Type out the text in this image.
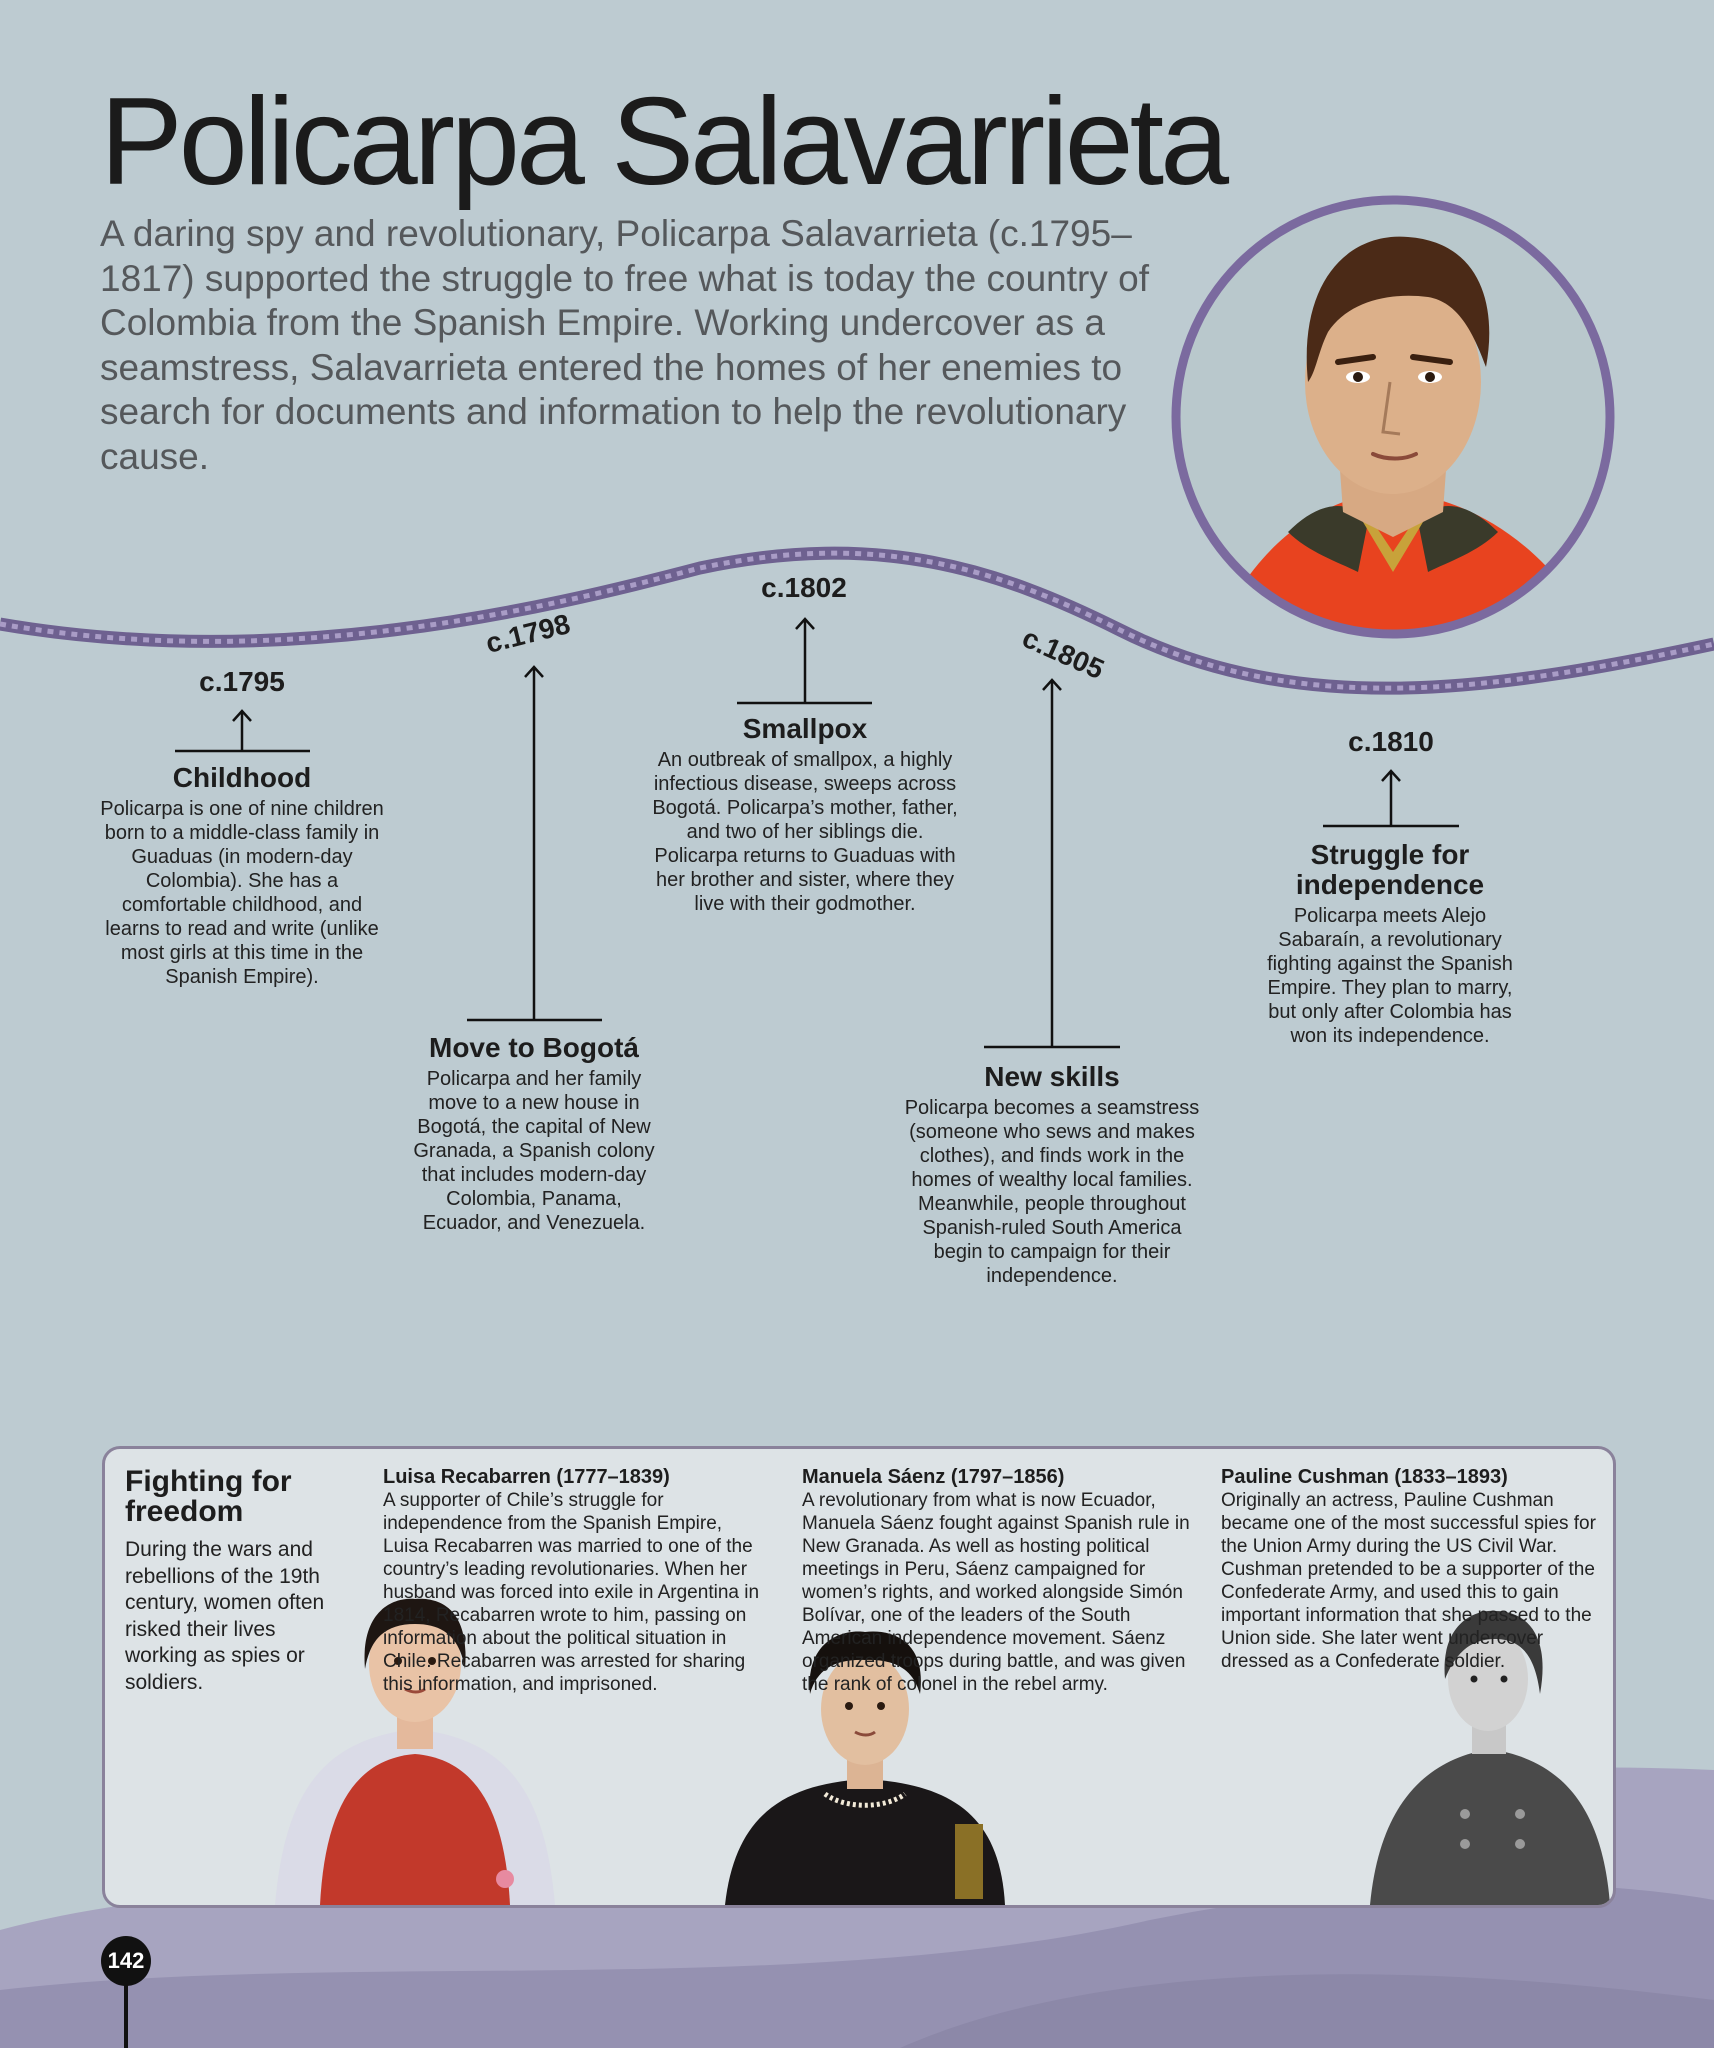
Policarpa Salavarrieta

A daring spy and revolutionary, Policarpa Salavarrieta (c.1795–1817) supported the struggle to free what is today the country of Colombia from the Spanish Empire. Working undercover as a seamstress, Salavarrieta entered the homes of her enemies to search for documents and information to help the revolutionary cause.

c.1795
c.1798
c.1802
c.1805
c.1810

Childhood

Policarpa is one of nine children born to a middle-class family in Guaduas (in modern-day Colombia). She has a comfortable childhood, and learns to read and write (unlike most girls at this time in the Spanish Empire).

Move to Bogotá

Policarpa and her family move to a new house in Bogotá, the capital of New Granada, a Spanish colony that includes modern-day Colombia, Panama, Ecuador, and Venezuela.

Smallpox

An outbreak of smallpox, a highly infectious disease, sweeps across Bogotá. Policarpa’s mother, father, and two of her siblings die. Policarpa returns to Guaduas with her brother and sister, where they live with their godmother.

New skills

Policarpa becomes a seamstress (someone who sews and makes clothes), and finds work in the homes of wealthy local families. Meanwhile, people throughout Spanish-ruled South America begin to campaign for their independence.

Struggle for independence

Policarpa meets Alejo Sabaraín, a revolutionary fighting against the Spanish Empire. They plan to marry, but only after Colombia has won its independence.

Fighting for freedom

During the wars and rebellions of the 19th century, women often risked their lives working as spies or soldiers.

Luisa Recabarren (1777–1839)

A supporter of Chile’s struggle for independence from the Spanish Empire, Luisa Recabarren was married to one of the country’s leading revolutionaries. When her husband was forced into exile in Argentina in 1814, Recabarren wrote to him, passing on information about the political situation in Chile. Recabarren was arrested for sharing this information, and imprisoned.

Manuela Sáenz (1797–1856)

A revolutionary from what is now Ecuador, Manuela Sáenz fought against Spanish rule in New Granada. As well as hosting political meetings in Peru, Sáenz campaigned for women’s rights, and worked alongside Simón Bolívar, one of the leaders of the South American independence movement. Sáenz organized troops during battle, and was given the rank of colonel in the rebel army.

Pauline Cushman (1833–1893)

Originally an actress, Pauline Cushman became one of the most successful spies for the Union Army during the US Civil War. Cushman pretended to be a supporter of the Confederate Army, and used this to gain important information that she passed to the Union side. She later went undercover dressed as a Confederate soldier.

142
